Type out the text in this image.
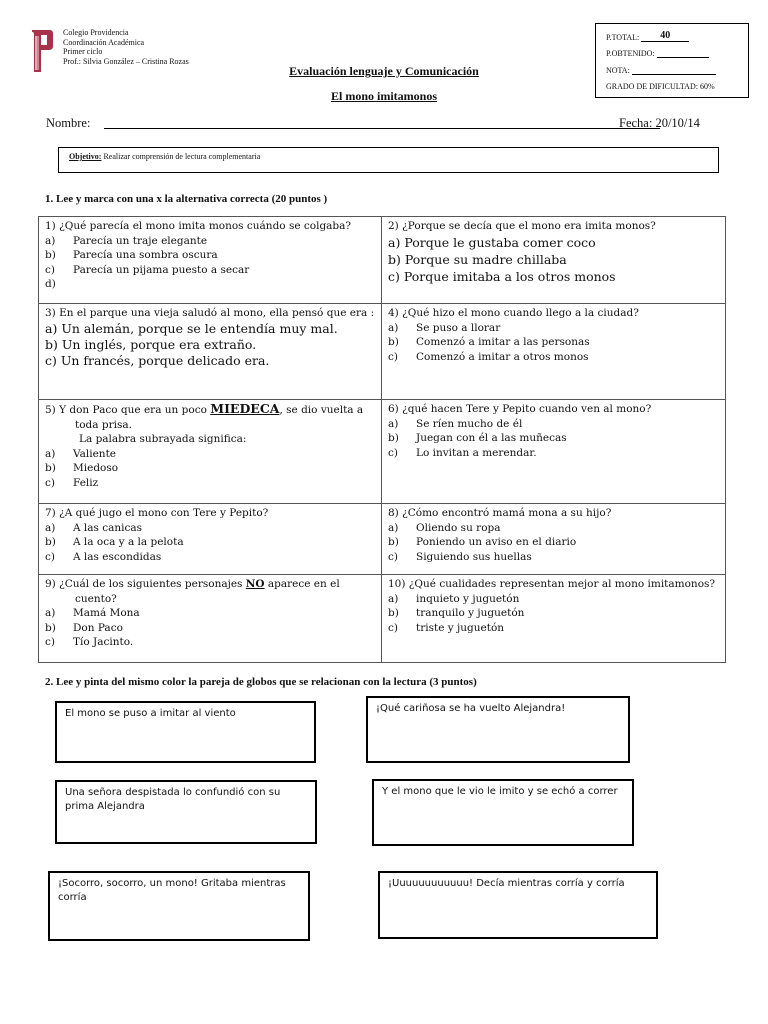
Colegio Providencia
Coordinación Académica
Primer ciclo
Prof.: Silvia González – Cristina Rozas
P.TOTAL: 40
P.OBTENIDO:
NOTA:
GRADO DE DIFICULTAD: 60%
Evaluación lenguaje y Comunicación
El mono imitamonos
Nombre:	Fecha: 20/10/14
Objetivo: Realizar comprensión de lectura complementaria
1. Lee y marca con una x la alternativa correcta (20 puntos )
1) ¿Qué parecía el mono imita monos cuándo se colgaba?
a) Parecía un traje elegante
b) Parecía una sombra oscura
c) Parecía un pijama puesto a secar
d)
2) ¿Porque se decía que el mono era imita monos?
a) Porque le gustaba comer coco
b) Porque su madre chillaba
c) Porque imitaba a los otros monos
3) En el parque una vieja saludó al mono, ella pensó que era :
a) Un alemán, porque se le entendía muy mal.
b) Un inglés, porque era extraño.
c) Un francés, porque delicado era.
4) ¿Qué hizo el mono cuando llego a la ciudad?
a) Se puso a llorar
b) Comenzó a imitar a las personas
c) Comenzó a imitar a otros monos
5) Y don Paco que era un poco MIEDECA, se dio vuelta a toda prisa.
La palabra subrayada significa:
a) Valiente
b) Miedoso
c) Feliz
6) ¿qué hacen Tere y Pepito cuando ven al mono?
a) Se ríen mucho de él
b) Juegan con él a las muñecas
c) Lo invitan a merendar.
7) ¿A qué jugo el mono con Tere y Pepito?
a) A las canicas
b) A la oca y a la pelota
c) A las escondidas
8) ¿Cómo encontró mamá mona a su hijo?
a) Oliendo su ropa
b) Poniendo un aviso en el diario
c) Siguiendo sus huellas
9) ¿Cuál de los siguientes personajes NO aparece en el cuento?
a) Mamá Mona
b) Don Paco
c) Tío Jacinto.
10) ¿Qué cualidades representan mejor al mono imitamonos?
a) inquieto y juguetón
b) tranquilo y juguetón
c) triste y juguetón
2. Lee y pinta del mismo color la pareja de globos que se relacionan con la lectura (3 puntos)
El mono se puso a imitar al viento	¡Qué cariñosa se ha vuelto Alejandra!
Una señora despistada lo confundió con su prima Alejandra
Y el mono que le vio le imito y se echó a correr
¡Socorro, socorro, un mono! Gritaba mientras corría
¡Uuuuuuuuuuuu! Decía mientras corría y corría
